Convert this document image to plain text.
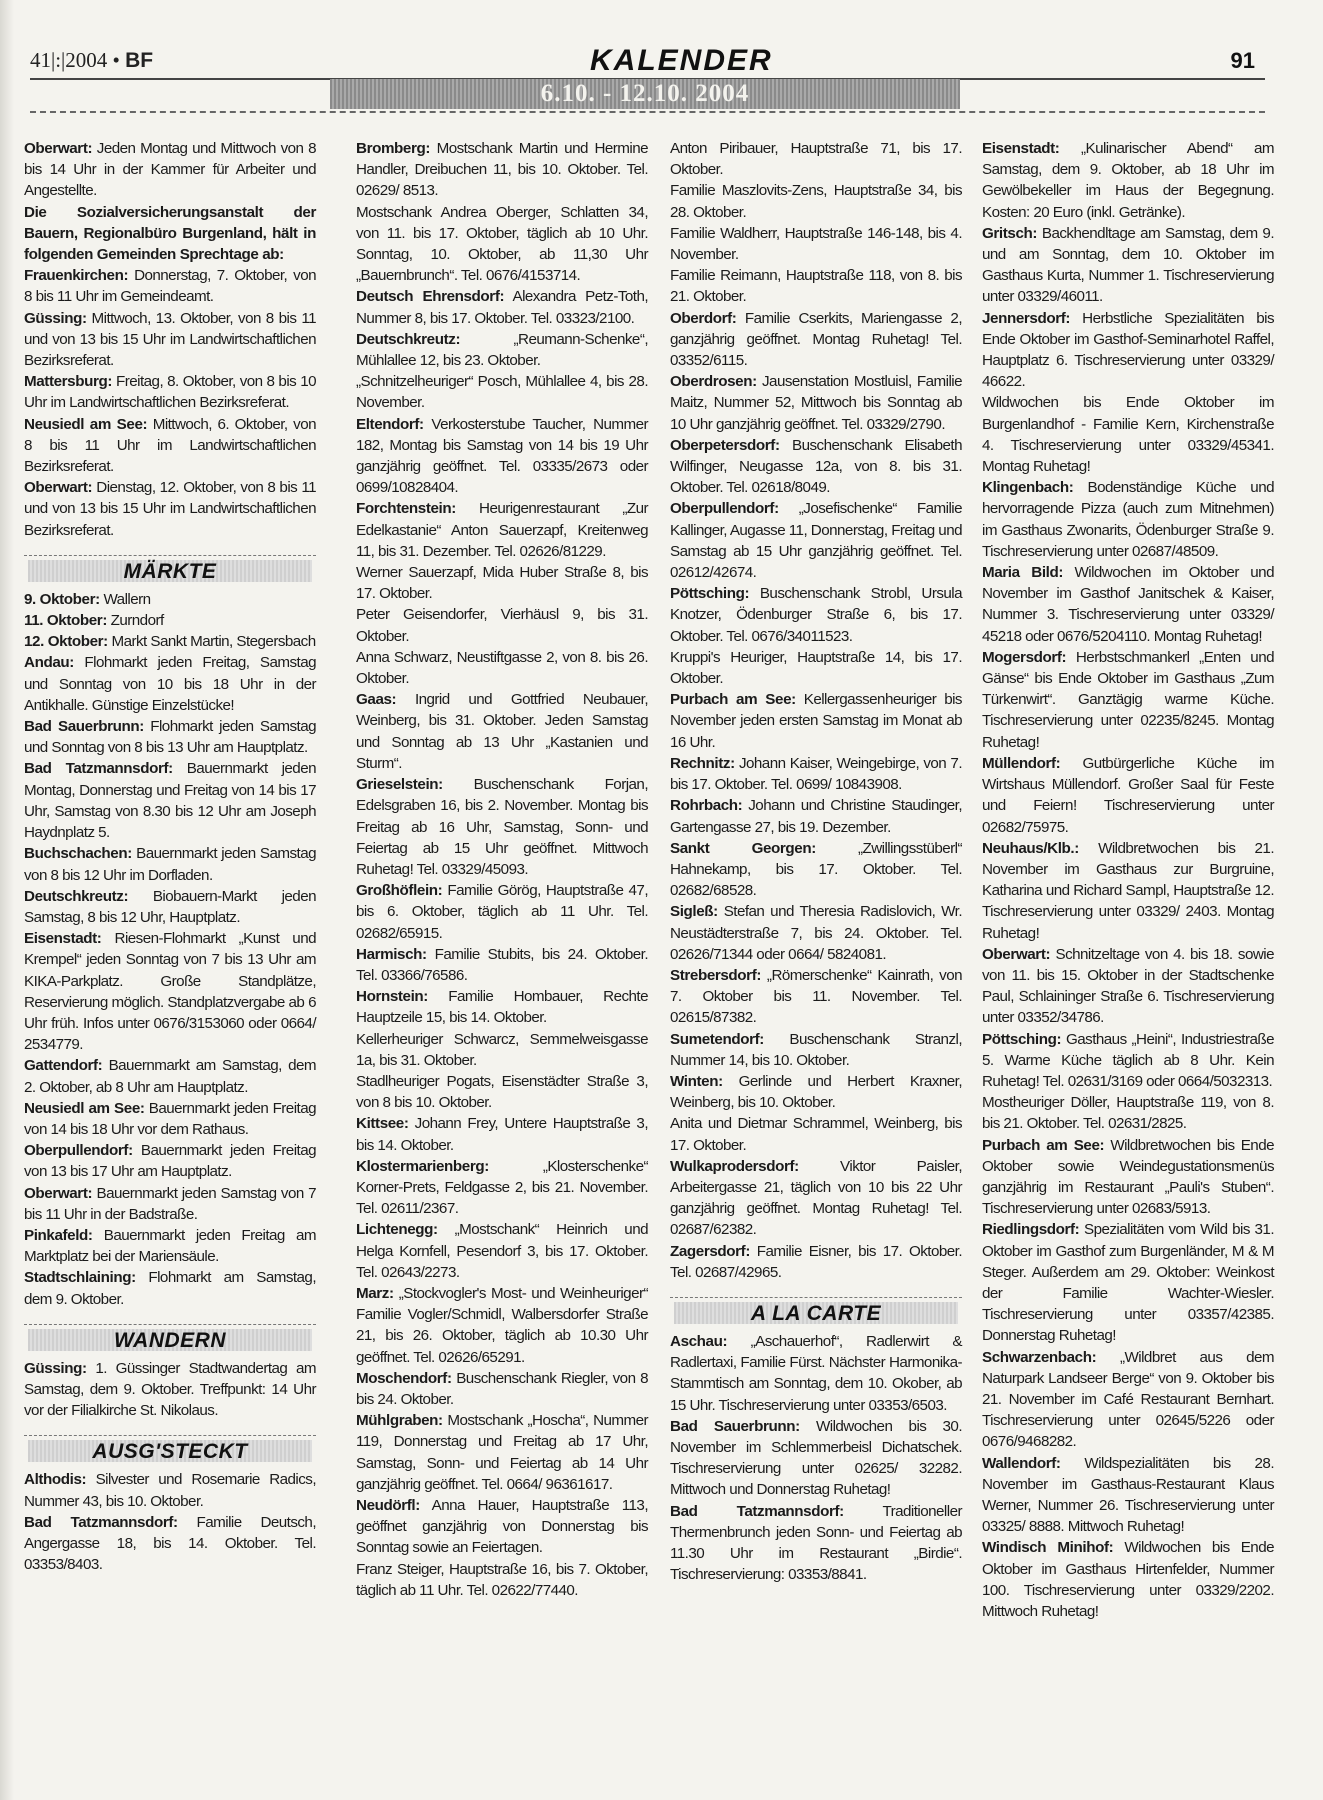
41|:|2004 • BF	KALENDER	91
6.10. - 12.10. 2004

Oberwart: Jeden Montag und Mittwoch von 8 bis 14 Uhr in der Kammer für Arbeiter und Angestellte.

Die Sozialversicherungsanstalt der Bauern, Regionalbüro Burgenland, hält in folgenden Gemeinden Sprechtage ab:

Frauenkirchen: Donnerstag, 7. Oktober, von 8 bis 11 Uhr im Gemeindeamt.

Güssing: Mittwoch, 13. Oktober, von 8 bis 11 und von 13 bis 15 Uhr im Landwirtschaftlichen Bezirksreferat.

Mattersburg: Freitag, 8. Oktober, von 8 bis 10 Uhr im Landwirtschaftlichen Bezirksreferat.

Neusiedl am See: Mittwoch, 6. Oktober, von 8 bis 11 Uhr im Landwirtschaftlichen Bezirksreferat.

Oberwart: Dienstag, 12. Oktober, von 8 bis 11 und von 13 bis 15 Uhr im Landwirtschaftlichen Bezirksreferat.

MÄRKTE

9. Oktober: Wallern

11. Oktober: Zurndorf

12. Oktober: Markt Sankt Martin, Stegersbach

Andau: Flohmarkt jeden Freitag, Samstag und Sonntag von 10 bis 18 Uhr in der Antikhalle. Günstige Einzelstücke!

Bad Sauerbrunn: Flohmarkt jeden Samstag und Sonntag von 8 bis 13 Uhr am Hauptplatz.

Bad Tatzmannsdorf: Bauernmarkt jeden Montag, Donnerstag und Freitag von 14 bis 17 Uhr, Samstag von 8.30 bis 12 Uhr am Joseph Haydnplatz 5.

Buchschachen: Bauernmarkt jeden Samstag von 8 bis 12 Uhr im Dorfladen.

Deutschkreutz: Biobauern-Markt jeden Samstag, 8 bis 12 Uhr, Hauptplatz.

Eisenstadt: Riesen-Flohmarkt „Kunst und Krempel“ jeden Sonntag von 7 bis 13 Uhr am KIKA-Parkplatz. Große Standplätze, Reservierung möglich. Standplatzvergabe ab 6 Uhr früh. Infos unter 0676/3153060 oder 0664/ 2534779.

Gattendorf: Bauernmarkt am Samstag, dem 2. Oktober, ab 8 Uhr am Hauptplatz.

Neusiedl am See: Bauernmarkt jeden Freitag von 14 bis 18 Uhr vor dem Rathaus.

Oberpullendorf: Bauernmarkt jeden Freitag von 13 bis 17 Uhr am Hauptplatz.

Oberwart: Bauernmarkt jeden Samstag von 7 bis 11 Uhr in der Badstraße.

Pinkafeld: Bauernmarkt jeden Freitag am Marktplatz bei der Mariensäule.

Stadtschlaining: Flohmarkt am Samstag, dem 9. Oktober.

WANDERN

Güssing: 1. Güssinger Stadtwandertag am Samstag, dem 9. Oktober. Treffpunkt: 14 Uhr vor der Filialkirche St. Nikolaus.

AUSG'STECKT

Althodis: Silvester und Rosemarie Radics, Nummer 43, bis 10. Oktober.

Bad Tatzmannsdorf: Familie Deutsch, Angergasse 18, bis 14. Oktober. Tel. 03353/8403.

Bromberg: Mostschank Martin und Hermine Handler, Dreibuchen 11, bis 10. Oktober. Tel. 02629/ 8513.

Mostschank Andrea Oberger, Schlatten 34, von 11. bis 17. Oktober, täglich ab 10 Uhr. Sonntag, 10. Oktober, ab 11,30 Uhr „Bauernbrunch“. Tel. 0676/4153714.

Deutsch Ehrensdorf: Alexandra Petz-Toth, Nummer 8, bis 17. Oktober. Tel. 03323/2100.

Deutschkreutz: „Reumann-Schenke“, Mühlallee 12, bis 23. Oktober.

„Schnitzelheuriger“ Posch, Mühlallee 4, bis 28. November.

Eltendorf: Verkosterstube Taucher, Nummer 182, Montag bis Samstag von 14 bis 19 Uhr ganzjährig geöffnet. Tel. 03335/2673 oder 0699/10828404.

Forchtenstein: Heurigenrestaurant „Zur Edelkastanie“ Anton Sauerzapf, Kreitenweg 11, bis 31. Dezember. Tel. 02626/81229.

Werner Sauerzapf, Mida Huber Straße 8, bis 17. Oktober.

Peter Geisendorfer, Vierhäusl 9, bis 31. Oktober.

Anna Schwarz, Neustiftgasse 2, von 8. bis 26. Oktober.

Gaas: Ingrid und Gottfried Neubauer, Weinberg, bis 31. Oktober. Jeden Samstag und Sonntag ab 13 Uhr „Kastanien und Sturm“.

Grieselstein: Buschenschank Forjan, Edelsgraben 16, bis 2. November. Montag bis Freitag ab 16 Uhr, Samstag, Sonn- und Feiertag ab 15 Uhr geöffnet. Mittwoch Ruhetag! Tel. 03329/45093.

Großhöflein: Familie Görög, Hauptstraße 47, bis 6. Oktober, täglich ab 11 Uhr. Tel. 02682/65915.

Harmisch: Familie Stubits, bis 24. Oktober. Tel. 03366/76586.

Hornstein: Familie Hombauer, Rechte Hauptzeile 15, bis 14. Oktober.

Kellerheuriger Schwarcz, Semmelweisgasse 1a, bis 31. Oktober.

Stadlheuriger Pogats, Eisenstädter Straße 3, von 8 bis 10. Oktober.

Kittsee: Johann Frey, Untere Hauptstraße 3, bis 14. Oktober.

Klostermarienberg: „Klosterschenke“ Korner-Prets, Feldgasse 2, bis 21. November. Tel. 02611/2367.

Lichtenegg: „Mostschank“ Heinrich und Helga Kornfell, Pesendorf 3, bis 17. Oktober. Tel. 02643/2273.

Marz: „Stockvogler's Most- und Weinheuriger“ Familie Vogler/Schmidl, Walbersdorfer Straße 21, bis 26. Oktober, täglich ab 10.30 Uhr geöffnet. Tel. 02626/65291.

Moschendorf: Buschenschank Riegler, von 8 bis 24. Oktober.

Mühlgraben: Mostschank „Hoscha“, Nummer 119, Donnerstag und Freitag ab 17 Uhr, Samstag, Sonn- und Feiertag ab 14 Uhr ganzjährig geöffnet. Tel. 0664/ 96361617.

Neudörfl: Anna Hauer, Hauptstraße 113, geöffnet ganzjährig von Donnerstag bis Sonntag sowie an Feiertagen.

Franz Steiger, Hauptstraße 16, bis 7. Oktober, täglich ab 11 Uhr. Tel. 02622/77440.

Anton Piribauer, Hauptstraße 71, bis 17. Oktober.

Familie Maszlovits-Zens, Hauptstraße 34, bis 28. Oktober.

Familie Waldherr, Hauptstraße 146-148, bis 4. November.

Familie Reimann, Hauptstraße 118, von 8. bis 21. Oktober.

Oberdorf: Familie Cserkits, Mariengasse 2, ganzjährig geöffnet. Montag Ruhetag! Tel. 03352/6115.

Oberdrosen: Jausenstation Mostluisl, Familie Maitz, Nummer 52, Mittwoch bis Sonntag ab 10 Uhr ganzjährig geöffnet. Tel. 03329/2790.

Oberpetersdorf: Buschenschank Elisabeth Wilfinger, Neugasse 12a, von 8. bis 31. Oktober. Tel. 02618/8049.

Oberpullendorf: „Josefischenke“ Familie Kallinger, Augasse 11, Donnerstag, Freitag und Samstag ab 15 Uhr ganzjährig geöffnet. Tel. 02612/42674.

Pöttsching: Buschenschank Strobl, Ursula Knotzer, Ödenburger Straße 6, bis 17. Oktober. Tel. 0676/34011523.

Kruppi's Heuriger, Hauptstraße 14, bis 17. Oktober.

Purbach am See: Kellergassenheuriger bis November jeden ersten Samstag im Monat ab 16 Uhr.

Rechnitz: Johann Kaiser, Weingebirge, von 7. bis 17. Oktober. Tel. 0699/ 10843908.

Rohrbach: Johann und Christine Staudinger, Gartengasse 27, bis 19. Dezember.

Sankt Georgen: „Zwillingsstüberl“ Hahnekamp, bis 17. Oktober. Tel. 02682/68528.

Sigleß: Stefan und Theresia Radislovich, Wr. Neustädterstraße 7, bis 24. Oktober. Tel. 02626/71344 oder 0664/ 5824081.

Strebersdorf: „Römerschenke“ Kainrath, von 7. Oktober bis 11. November. Tel. 02615/87382.

Sumetendorf: Buschenschank Stranzl, Nummer 14, bis 10. Oktober.

Winten: Gerlinde und Herbert Kraxner, Weinberg, bis 10. Oktober.

Anita und Dietmar Schrammel, Weinberg, bis 17. Oktober.

Wulkaprodersdorf: Viktor Paisler, Arbeitergasse 21, täglich von 10 bis 22 Uhr ganzjährig geöffnet. Montag Ruhetag! Tel. 02687/62382.

Zagersdorf: Familie Eisner, bis 17. Oktober. Tel. 02687/42965.

A LA CARTE

Aschau: „Aschauerhof“, Radlerwirt & Radlertaxi, Familie Fürst. Nächster Harmonika-Stammtisch am Sonntag, dem 10. Okober, ab 15 Uhr. Tischreservierung unter 03353/6503.

Bad Sauerbrunn: Wildwochen bis 30. November im Schlemmerbeisl Dichatschek. Tischreservierung unter 02625/ 32282. Mittwoch und Donnerstag Ruhetag!

Bad Tatzmannsdorf: Traditioneller Thermenbrunch jeden Sonn- und Feiertag ab 11.30 Uhr im Restaurant „Birdie“. Tischreservierung: 03353/8841.

Eisenstadt: „Kulinarischer Abend“ am Samstag, dem 9. Oktober, ab 18 Uhr im Gewölbekeller im Haus der Begegnung. Kosten: 20 Euro (inkl. Getränke).

Gritsch: Backhendltage am Samstag, dem 9. und am Sonntag, dem 10. Oktober im Gasthaus Kurta, Nummer 1. Tischreservierung unter 03329/46011.

Jennersdorf: Herbstliche Spezialitäten bis Ende Oktober im Gasthof-Seminarhotel Raffel, Hauptplatz 6. Tischreservierung unter 03329/ 46622.

Wildwochen bis Ende Oktober im Burgenlandhof - Familie Kern, Kirchenstraße 4. Tischreservierung unter 03329/45341. Montag Ruhetag!

Klingenbach: Bodenständige Küche und hervorragende Pizza (auch zum Mitnehmen) im Gasthaus Zwonarits, Ödenburger Straße 9. Tischreservierung unter 02687/48509.

Maria Bild: Wildwochen im Oktober und November im Gasthof Janitschek & Kaiser, Nummer 3. Tischreservierung unter 03329/ 45218 oder 0676/5204110. Montag Ruhetag!

Mogersdorf: Herbstschmankerl „Enten und Gänse“ bis Ende Oktober im Gasthaus „Zum Türkenwirt“. Ganztägig warme Küche. Tischreservierung unter 02235/8245. Montag Ruhetag!

Müllendorf: Gutbürgerliche Küche im Wirtshaus Müllendorf. Großer Saal für Feste und Feiern! Tischreservierung unter 02682/75975.

Neuhaus/Klb.: Wildbretwochen bis 21. November im Gasthaus zur Burgruine, Katharina und Richard Sampl, Hauptstraße 12. Tischreservierung unter 03329/ 2403. Montag Ruhetag!

Oberwart: Schnitzeltage von 4. bis 18. sowie von 11. bis 15. Oktober in der Stadtschenke Paul, Schlaininger Straße 6. Tischreservierung unter 03352/34786.

Pöttsching: Gasthaus „Heini“, Industriestraße 5. Warme Küche täglich ab 8 Uhr. Kein Ruhetag! Tel. 02631/3169 oder 0664/5032313.

Mostheuriger Döller, Hauptstraße 119, von 8. bis 21. Oktober. Tel. 02631/2825.

Purbach am See: Wildbretwochen bis Ende Oktober sowie Weindegustationsmenüs ganzjährig im Restaurant „Pauli's Stuben“. Tischreservierung unter 02683/5913.

Riedlingsdorf: Spezialitäten vom Wild bis 31. Oktober im Gasthof zum Burgenländer, M & M Steger. Außerdem am 29. Oktober: Weinkost der Familie Wachter-Wiesler. Tischreservierung unter 03357/42385. Donnerstag Ruhetag!

Schwarzenbach: „Wildbret aus dem Naturpark Landseer Berge“ von 9. Oktober bis 21. November im Café Restaurant Bernhart. Tischreservierung unter 02645/5226 oder 0676/9468282.

Wallendorf: Wildspezialitäten bis 28. November im Gasthaus-Restaurant Klaus Werner, Nummer 26. Tischreservierung unter 03325/ 8888. Mittwoch Ruhetag!

Windisch Minihof: Wildwochen bis Ende Oktober im Gasthaus Hirtenfelder, Nummer 100. Tischreservierung unter 03329/2202. Mittwoch Ruhetag!
